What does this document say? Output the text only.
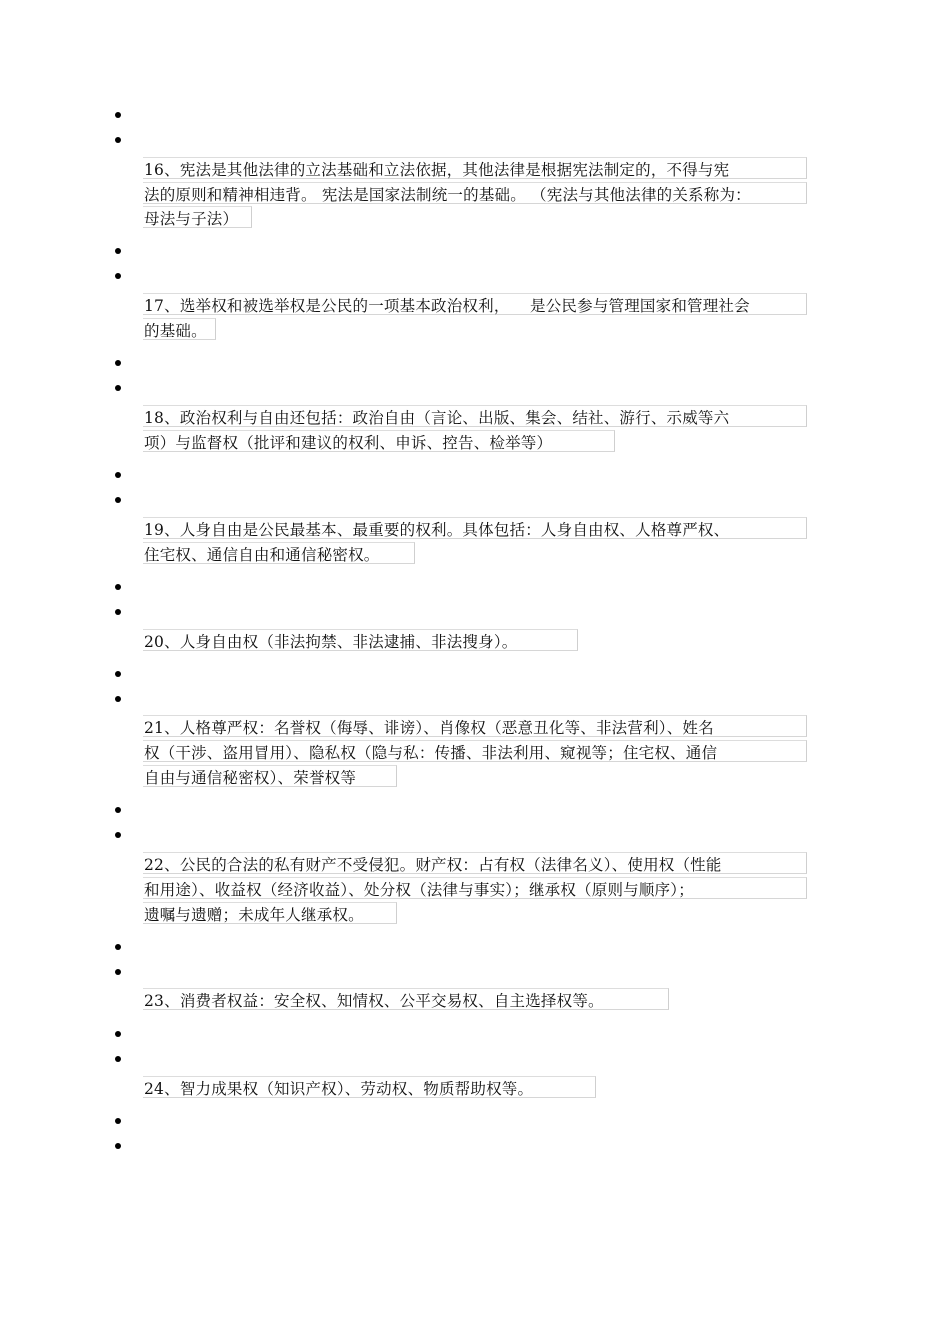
16、宪法是其他法律的立法基础和立法依据，其他法律是根据宪法制定的，不得与宪
法的原则和精神相违背。 宪法是国家法制统一的基础。 （宪法与其他法律的关系称为：
母法与子法）
17、选举权和被选举权是公民的一项基本政治权利，    是公民参与管理国家和管理社会
的基础。
18、政治权利与自由还包括：政治自由（言论、出版、集会、结社、游行、示威等六
项）与监督权（批评和建议的权利、申诉、控告、检举等）
19、人身自由是公民最基本、最重要的权利。具体包括：人身自由权、人格尊严权、
住宅权、通信自由和通信秘密权。
20、人身自由权（非法拘禁、非法逮捕、非法搜身）。
21、人格尊严权：名誉权（侮辱、诽谤）、肖像权（恶意丑化等、非法营利）、姓名
权（干涉、盗用冒用）、隐私权（隐与私：传播、非法利用、窥视等；住宅权、通信
自由与通信秘密权）、荣誉权等
22、公民的合法的私有财产不受侵犯。财产权：占有权（法律名义）、使用权（性能
和用途）、收益权（经济收益）、处分权（法律与事实）；继承权（原则与顺序）；
遗嘱与遗赠；未成年人继承权。
23、消费者权益：安全权、知情权、公平交易权、自主选择权等。
24、智力成果权（知识产权）、劳动权、物质帮助权等。
